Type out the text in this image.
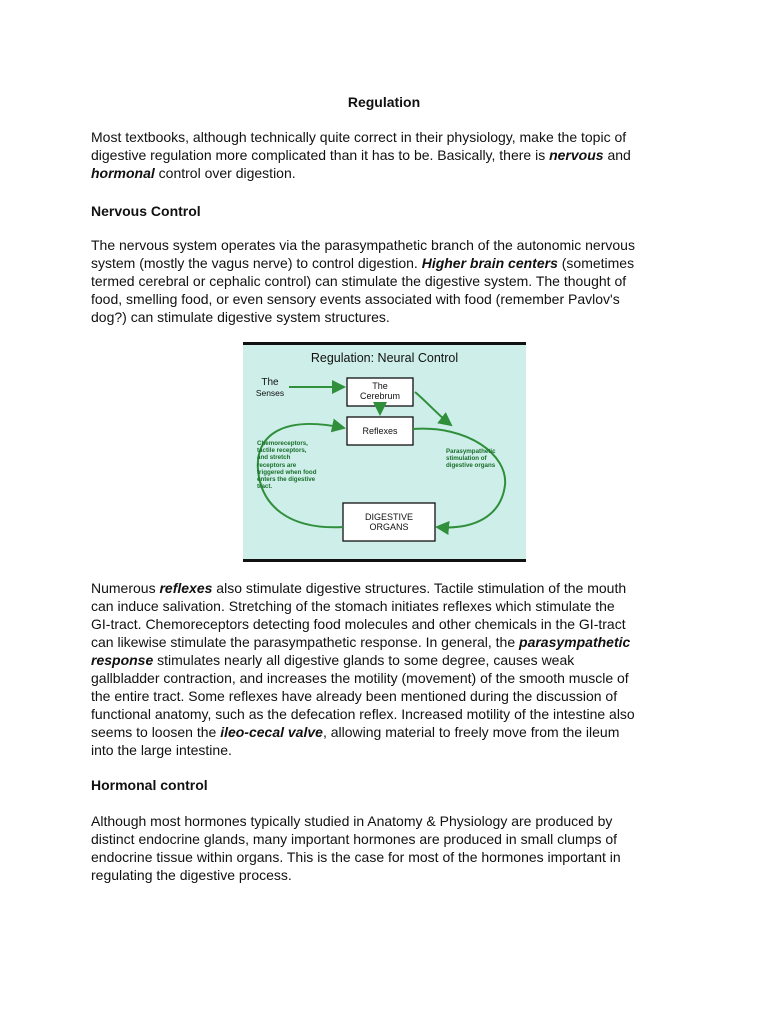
Regulation

Most textbooks, although technically quite correct in their physiology, make the topic of
digestive regulation more complicated than it has to be. Basically, there is nervous and
hormonal control over digestion.

Nervous Control

The nervous system operates via the parasympathetic branch of the autonomic nervous
system (mostly the vagus nerve) to control digestion. Higher brain centers (sometimes
termed cerebral or cephalic control) can stimulate the digestive system. The thought of
food, smelling food, or even sensory events associated with food (remember Pavlov's
dog?) can stimulate digestive system structures.

Regulation: Neural Control
The
Senses
The
Cerebrum
Reflexes
DIGESTIVE
ORGANS
Chemoreceptors,
tactile receptors,
and stretch
receptors are
triggered when food
enters the digestive
tract.
Parasympathetic
stimulation of
digestive organs

Numerous reflexes also stimulate digestive structures. Tactile stimulation of the mouth
can induce salivation. Stretching of the stomach initiates reflexes which stimulate the
GI-tract. Chemoreceptors detecting food molecules and other chemicals in the GI-tract
can likewise stimulate the parasympathetic response. In general, the parasympathetic
response stimulates nearly all digestive glands to some degree, causes weak
gallbladder contraction, and increases the motility (movement) of the smooth muscle of
the entire tract. Some reflexes have already been mentioned during the discussion of
functional anatomy, such as the defecation reflex. Increased motility of the intestine also
seems to loosen the ileo-cecal valve, allowing material to freely move from the ileum
into the large intestine.

Hormonal control

Although most hormones typically studied in Anatomy & Physiology are produced by
distinct endocrine glands, many important hormones are produced in small clumps of
endocrine tissue within organs. This is the case for most of the hormones important in
regulating the digestive process.
